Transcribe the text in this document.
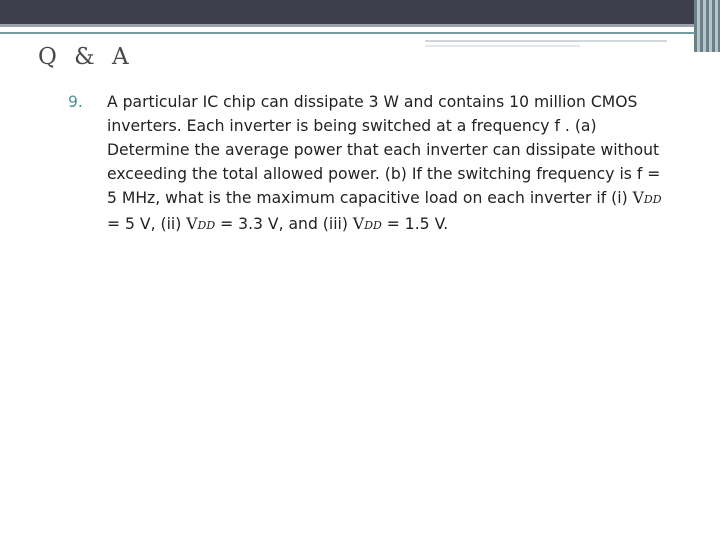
Q & A
9. A particular IC chip can dissipate 3 W and contains 10 million CMOS inverters. Each inverter is being switched at a frequency f . (a) Determine the average power that each inverter can dissipate without exceeding the total allowed power. (b) If the switching frequency is f = 5 MHz, what is the maximum capacitive load on each inverter if (i) VDD = 5 V, (ii) VDD = 3.3 V, and (iii) VDD = 1.5 V.
